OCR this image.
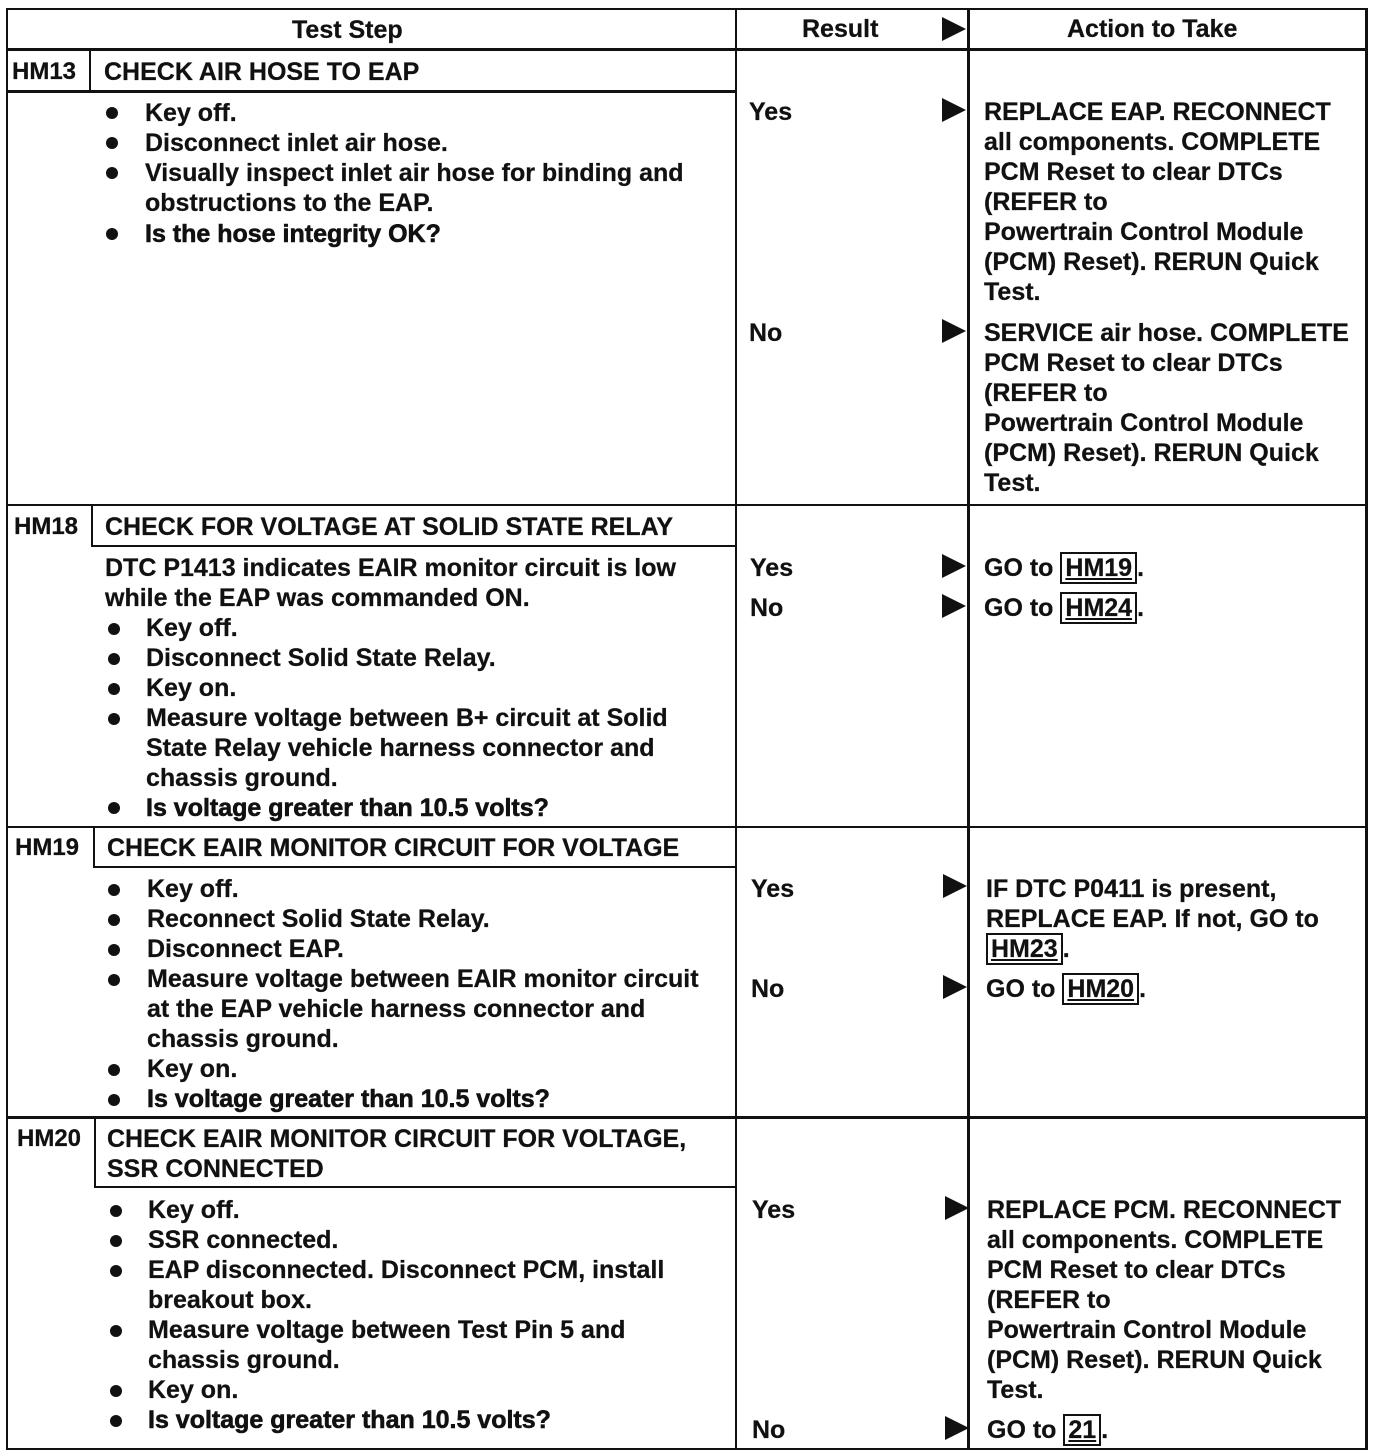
Test Step	Result	Action to Take
HM13 CHECK AIR HOSE TO EAP
Key off.
Disconnect inlet air hose.
Visually inspect inlet air hose for binding and
obstructions to the EAP.
Is the hose integrity OK?
Yes	REPLACE EAP. RECONNECT
all components. COMPLETE
PCM Reset to clear DTCs
(REFER to
Powertrain Control Module
(PCM) Reset). RERUN Quick
Test.
No	SERVICE air hose. COMPLETE
PCM Reset to clear DTCs
(REFER to
Powertrain Control Module
(PCM) Reset). RERUN Quick
Test.
HM18 CHECK FOR VOLTAGE AT SOLID STATE RELAY
DTC P1413 indicates EAIR monitor circuit is low
while the EAP was commanded ON.
Key off.
Disconnect Solid State Relay.
Key on.
Measure voltage between B+ circuit at Solid
State Relay vehicle harness connector and
chassis ground.
Is voltage greater than 10.5 volts?
Yes	GO to HM19 .
No	GO to HM24 .
HM19 CHECK EAIR MONITOR CIRCUIT FOR VOLTAGE
Key off.
Reconnect Solid State Relay.
Disconnect EAP.
Measure voltage between EAIR monitor circuit
at the EAP vehicle harness connector and
chassis ground.
Key on.
Is voltage greater than 10.5 volts?
Yes	IF DTC P0411 is present,
REPLACE EAP. If not, GO to
HM23 .
No	GO to HM20 .
HM20 CHECK EAIR MONITOR CIRCUIT FOR VOLTAGE,
SSR CONNECTED
Key off.
SSR connected.
EAP disconnected. Disconnect PCM, install
breakout box.
Measure voltage between Test Pin 5 and
chassis ground.
Key on.
Is voltage greater than 10.5 volts?
Yes	REPLACE PCM. RECONNECT
all components. COMPLETE
PCM Reset to clear DTCs
(REFER to
Powertrain Control Module
(PCM) Reset). RERUN Quick
Test.
No	GO to 21 .
